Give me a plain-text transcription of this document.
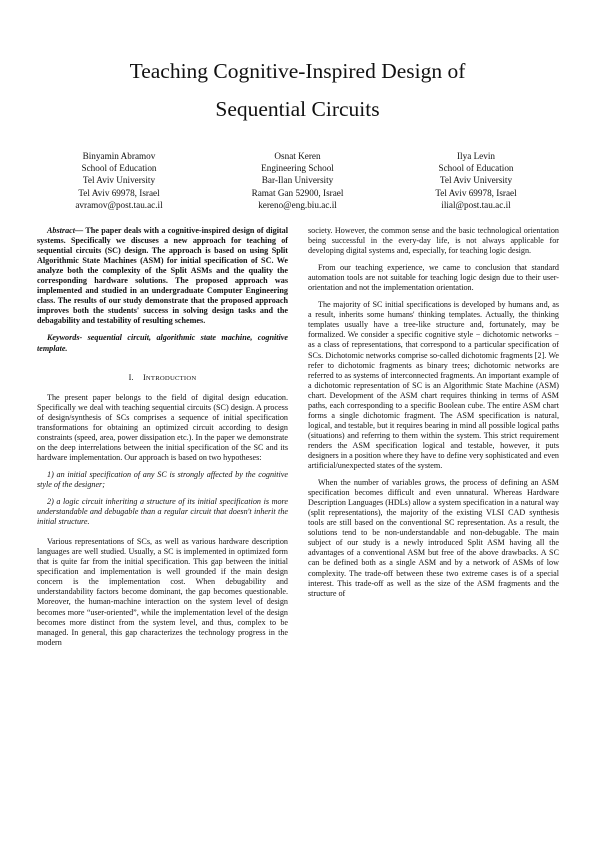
Teaching Cognitive-Inspired Design of
Sequential Circuits
Binyamin Abramov
School of Education
Tel Aviv University
Tel Aviv 69978, Israel
avramov@post.tau.ac.il
Osnat Keren
Engineering School
Bar-Ilan University
Ramat Gan 52900, Israel
kereno@eng.biu.ac.il
Ilya Levin
School of Education
Tel Aviv University
Tel Aviv 69978, Israel
ilial@post.tau.ac.il

Abstract— The paper deals with a cognitive-inspired design of digital systems. Specifically we discuses a new approach for teaching of sequential circuits (SC) design. The approach is based on using Split Algorithmic State Machines (ASM) for initial specification of SC. We analyze both the complexity of the Split ASMs and the quality the corresponding hardware solutions. The proposed approach was implemented and studied in an undergraduate Computer Engineering class. The results of our study demonstrate that the proposed approach improves both the students' success in solving design tasks and the debagability and testability of resulting schemes.

Keywords- sequential circuit, algorithmic state machine, cognitive template.

I. INTRODUCTION

The present paper belongs to the field of digital design education. Specifically we deal with teaching sequential circuits (SC) design. A process of design/synthesis of SCs comprises a sequence of initial specification transformations for obtaining an optimized circuit according to design constraints (speed, area, power dissipation etc.). In the paper we demonstrate on the deep interrelations between the initial specification of the SC and its hardware implementation. Our approach is based on two hypotheses:

1) an initial specification of any SC is strongly affected by the cognitive style of the designer;

2) a logic circuit inheriting a structure of its initial specification is more understandable and debugable than a regular circuit that doesn't inherit the initial structure.

Various representations of SCs, as well as various hardware description languages are well studied. Usually, a SC is implemented in optimized form that is quite far from the initial specification. This gap between the initial specification and implementation is well grounded if the main design concern is the implementation cost. When debugability and understandability factors become dominant, the gap becomes questionable. Moreover, the human-machine interaction on the system level of design becomes more “user-oriented”, while the implementation level of the design becomes more distinct from the system level, and thus, complex to be managed. In general, this gap characterizes the technology progress in the modern

society. However, the common sense and the basic technological orientation being successful in the every-day life, is not always applicable for developing digital systems and, especially, for teaching logic design.

From our teaching experience, we came to conclusion that standard automation tools are not suitable for teaching logic design due to their user-orientation and not the implementation orientation.

The majority of SC initial specifications is developed by humans and, as a result, inherits some humans' thinking templates. Actually, the thinking templates usually have a tree-like structure and, fortunately, may be formalized. We consider a specific cognitive style − dichotomic networks − as a class of representations, that correspond to a particular specification of SCs. Dichotomic networks comprise so-called dichotomic fragments [2]. We refer to dichotomic fragments as binary trees; dichotomic networks are referred to as systems of interconnected fragments. An important example of a dichotomic representation of SC is an Algorithmic State Machine (ASM) chart. Development of the ASM chart requires thinking in terms of ASM paths, each corresponding to a specific Boolean cube. The entire ASM chart forms a single dichotomic fragment. The ASM specification is natural, logical, and testable, but it requires bearing in mind all possible logical paths (situations) and referring to them within the system. This strict requirement renders the ASM specification logical and testable, however, it puts designers in a position where they have to define very sophisticated and even artificial/unexpected states of the system.

When the number of variables grows, the process of defining an ASM specification becomes difficult and even unnatural. Whereas Hardware Description Languages (HDLs) allow a system specification in a natural way (split representations), the majority of the existing VLSI CAD synthesis tools are still based on the conventional SC representation. As a result, the solutions tend to be non-understandable and non-debugable. The main subject of our study is a newly introduced Split ASM having all the advantages of a conventional ASM but free of the above drawbacks. A SC can be defined both as a single ASM and by a network of ASMs of low complexity. The trade-off between these two extreme cases is of a special interest. This trade-off as well as the size of the ASM fragments and the structure of
